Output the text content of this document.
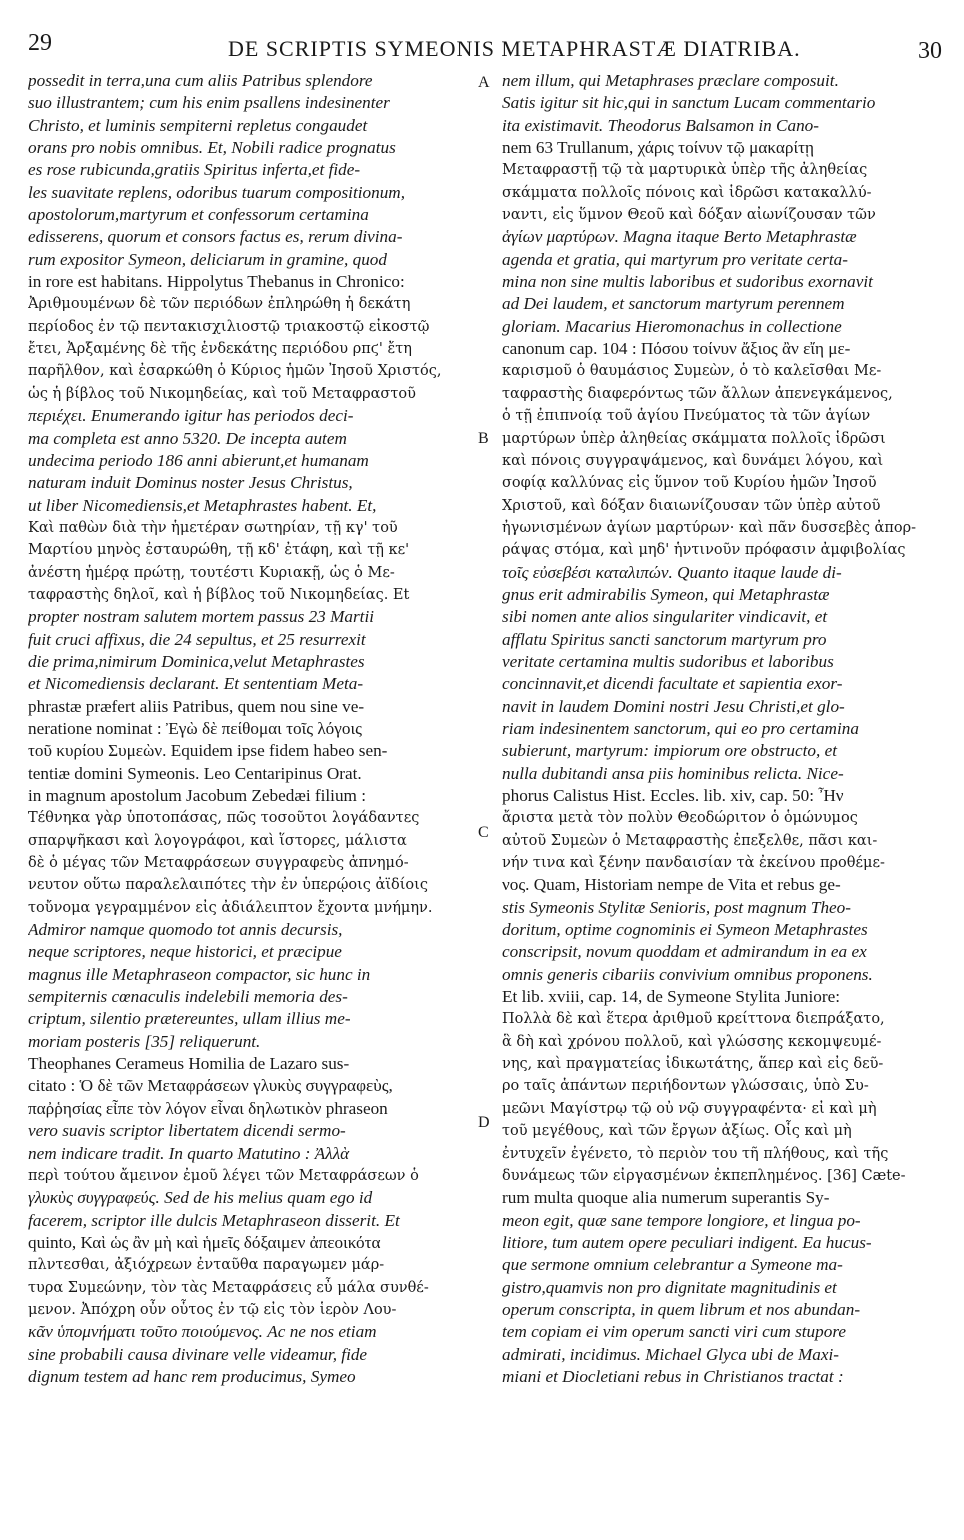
29	DE SCRIPTIS SYMEONIS METAPHRASTÆ DIATRIBA.	30

possedit in terra,una cum aliis Patribus splendore

suo illustrantem; cum his enim psallens indesinenter

Christo, et luminis sempiterni repletus congaudet

orans pro nobis omnibus. Et, Nobili radice prognatus

es rose rubicunda,gratiis Spiritus inferta,et fide-

les suavitate replens, odoribus tuarum compositionum,

apostolorum,martyrum et confessorum certamina

edisserens, quorum et consors factus es, rerum divina-

rum expositor Symeon, deliciarum in gramine, quod

in rore est habitans. Hippolytus Thebanus in Chronico:

Ἀριθμουμένων δὲ τῶν περιόδων ἐπληρώθη ἡ δεκάτη

περίοδος ἐν τῷ πεντακισχιλιοστῷ τριακοστῷ εἰκοστῷ

ἔτει, Ἀρξαμένης δὲ τῆς ἑνδεκάτης περιόδου ρπϛ' ἔτη

παρῆλθον, καὶ ἐσαρκώθη ὁ Κύριος ἡμῶν Ἰησοῦ Χριστός,

ὡς ἡ βίβλος τοῦ Νικομηδείας, καὶ τοῦ Μεταφραστοῦ

περιέχει. Enumerando igitur has periodos deci-

ma completa est anno 5320. De incepta autem

undecima periodo 186 anni abierunt,et humanam

naturam induit Dominus noster Jesus Christus,

ut liber Nicomediensis,et Metaphrastes habent. Et,

Καὶ παθὼν διὰ τὴν ἡμετέραν σωτηρίαν, τῇ κγ' τοῦ

Μαρτίου μηνὸς ἐσταυρώθη, τῇ κδ' ἐτάφη, καὶ τῇ κε'

ἀνέστη ἡμέρᾳ πρώτῃ, τουτέστι Κυριακῇ, ὡς ὁ Με-

ταφραστὴς δηλοῖ, καὶ ἡ βίβλος τοῦ Νικομηδείας. Et

propter nostram salutem mortem passus 23 Martii

fuit cruci affixus, die 24 sepultus, et 25 resurrexit

die prima,nimirum Dominica,velut Metaphrastes

et Nicomediensis declarant. Et sententiam Meta-

phrastæ præfert aliis Patribus, quem nou sine ve-

neratione nominat : Ἐγὼ δὲ πείθομαι τοῖς λόγοις

τοῦ κυρίου Συμεὼν. Equidem ipse fidem habeo sen-

tentiæ domini Symeonis. Leo Centaripinus Orat.

in magnum apostolum Jacobum Zebedæi filium :

Τέθνηκα γὰρ ὑποτοπάσας, πῶς τοσοῦτοι λογάδαντες

σπαρψῆκασι καὶ λογογράφοι, καὶ ἵστορες, μάλιστα

δὲ ὁ μέγας τῶν Μεταφράσεων συγγραφεὺς ἀπνημό-

νευτον οὕτω παραλελαιπότες τὴν ἐν ὑπερῴοις ἀϊδίοις

τοὔνομα γεγραμμένον εἰς ἀδιάλειπτον ἔχοντα μνήμην.

Admiror namque quomodo tot annis decursis,

neque scriptores, neque historici, et præcipue

magnus ille Metaphraseon compactor, sic hunc in

sempiternis cœnaculis indelebili memoria des-

criptum, silentio prætereuntes, ullam illius me-

moriam posteris [35] reliquerunt.

Theophanes Cerameus Homilia de Lazaro sus-

citato : Ὁ δὲ τῶν Μεταφράσεων γλυκὺς συγγραφεὺς,

παῤῥησίας εἶπε τὸν λόγον εἶναι δηλωτικὸν phraseon

vero suavis scriptor libertatem dicendi sermo-

nem indicare tradit. In quarto Matutino : Ἀλλὰ

περὶ τούτου ἄμεινον ἐμοῦ λέγει τῶν Μεταφράσεων ὁ

γλυκὺς συγγραφεύς. Sed de his melius quam ego id

facerem, scriptor ille dulcis Metaphraseon disserit. Et

quinto, Καὶ ὡς ἂν μὴ καὶ ἡμεῖς δόξαιμεν ἀπεοικότα

πλντεσθαι, ἀξιόχρεων ἐνταῦθα παραγωμεν μάρ-

τυρα Συμεώνην, τὸν τὰς Μεταφράσεις εὖ μάλα συνθέ-

μενον. Ἀπόχρη οὖν οὗτος ἐν τῷ εἰς τὸν ἱερὸν Λου-

κᾶν ὑπομνήματι τοῦτο ποιούμενος. Ac ne nos etiam

sine probabili causa divinare velle videamur, fide

dignum testem ad hanc rem producimus, Symeo

A
B
C
D

nem illum, qui Metaphrases præclare composuit.

Satis igitur sit hic,qui in sanctum Lucam commentario

ita existimavit. Theodorus Balsamon in Cano-

nem 63 Trullanum, χάρις τοίνυν τῷ μακαρίτῃ

Μεταφραστῇ τῷ τὰ μαρτυρικὰ ὑπὲρ τῆς ἀληθείας

σκάμματα πολλοῖς πόνοις καὶ ἱδρῶσι κατακαλλύ-

ναντι, εἰς ὕμνον Θεοῦ καὶ δόξαν αἰωνίζουσαν τῶν

ἁγίων μαρτύρων. Magna itaque Berto Metaphrastæ

agenda et gratia, qui martyrum pro veritate certa-

mina non sine multis laboribus et sudoribus exornavit

ad Dei laudem, et sanctorum martyrum perennem

gloriam. Macarius Hieromonachus in collectione

canonum cap. 104 : Πόσου τοίνυν ἄξιος ἂν εἴη με-

καρισμοῦ ὁ θαυμάσιος Συμεὼν, ὁ τὸ καλεῖσθαι Με-

ταφραστὴς διαφερόντως τῶν ἄλλων ἀπενεγκάμενος,

ὁ τῇ ἐπιπνοίᾳ τοῦ ἁγίου Πνεύματος τὰ τῶν ἁγίων

μαρτύρων ὑπὲρ ἀληθείας σκάμματα πολλοῖς ἱδρῶσι

καὶ πόνοις συγγραψάμενος, καὶ δυνάμει λόγου, καὶ

σοφίᾳ καλλύνας εἰς ὕμνον τοῦ Κυρίου ἡμῶν Ἰησοῦ

Χριστοῦ, καὶ δόξαν διαιωνίζουσαν τῶν ὑπὲρ αὐτοῦ

ἠγωνισμένων ἁγίων μαρτύρων· καὶ πᾶν δυσσεβὲς ἀπορ-

ράψας στόμα, καὶ μηδ' ἡντινοῦν πρόφασιν ἀμφιβολίας

τοῖς εὐσεβέσι καταλιπών. Quanto itaque laude di-

gnus erit admirabilis Symeon, qui Metaphrastæ

sibi nomen ante alios singulariter vindicavit, et

afflatu Spiritus sancti sanctorum martyrum pro

veritate certamina multis sudoribus et laboribus

concinnavit,et dicendi facultate et sapientia exor-

navit in laudem Domini nostri Jesu Christi,et glo-

riam indesinentem sanctorum, qui eo pro certamina

subierunt, martyrum: impiorum ore obstructo, et

nulla dubitandi ansa piis hominibus relicta. Nice-

phorus Calistus Hist. Eccles. lib. xiv, cap. 50: Ἦν

ἄριστα μετὰ τὸν πολὺν Θεοδώριτον ὁ ὁμώνυμος

αὐτοῦ Συμεὼν ὁ Μεταφραστὴς ἐπεξελθε, πᾶσι και-

νήν τινα καὶ ξένην πανδαισίαν τὰ ἐκείνου προθέμε-

νος. Quam, Historiam nempe de Vita et rebus ge-

stis Symeonis Stylitæ Senioris, post magnum Theo-

doritum, optime cognominis ei Symeon Metaphrastes

conscripsit, novum quoddam et admirandum in ea ex

omnis generis cibariis convivium omnibus proponens.

Et lib. xviii, cap. 14, de Symeone Stylita Juniore:

Πολλὰ δὲ καὶ ἕτερα ἀριθμοῦ κρείττονα διεπράξατο,

ἃ δὴ καὶ χρόνου πολλοῦ, καὶ γλώσσης κεκομψευμέ-

νης, καὶ πραγματείας ἰδικωτάτης, ἅπερ καὶ εἰς δεῦ-

ρο ταῖς ἁπάντων περιήδοντων γλώσσαις, ὑπὸ Συ-

μεῶνι Μαγίστρῳ τῷ οὐ νῷ συγγραφέντα· εἰ καὶ μὴ

τοῦ μεγέθους, καὶ τῶν ἔργων ἀξίως. Οἷς καὶ μὴ

ἐντυχεῖν ἐγένετο, τὸ περιὸν του τῆ πλήθους, καὶ τῆς

δυνάμεως τῶν εἰργασμένων ἐκπεπλημένος. [36] Cæte-

rum multa quoque alia numerum superantis Sy-

meon egit, quæ sane tempore longiore, et lingua po-

litiore, tum autem opere peculiari indigent. Ea hucus-

que sermone omnium celebrantur a Symeone ma-

gistro,quamvis non pro dignitate magnitudinis et

operum conscripta, in quem librum et nos abundan-

tem copiam ei vim operum sancti viri cum stupore

admirati, incidimus. Michael Glyca ubi de Maxi-

miani et Diocletiani rebus in Christianos tractat :
